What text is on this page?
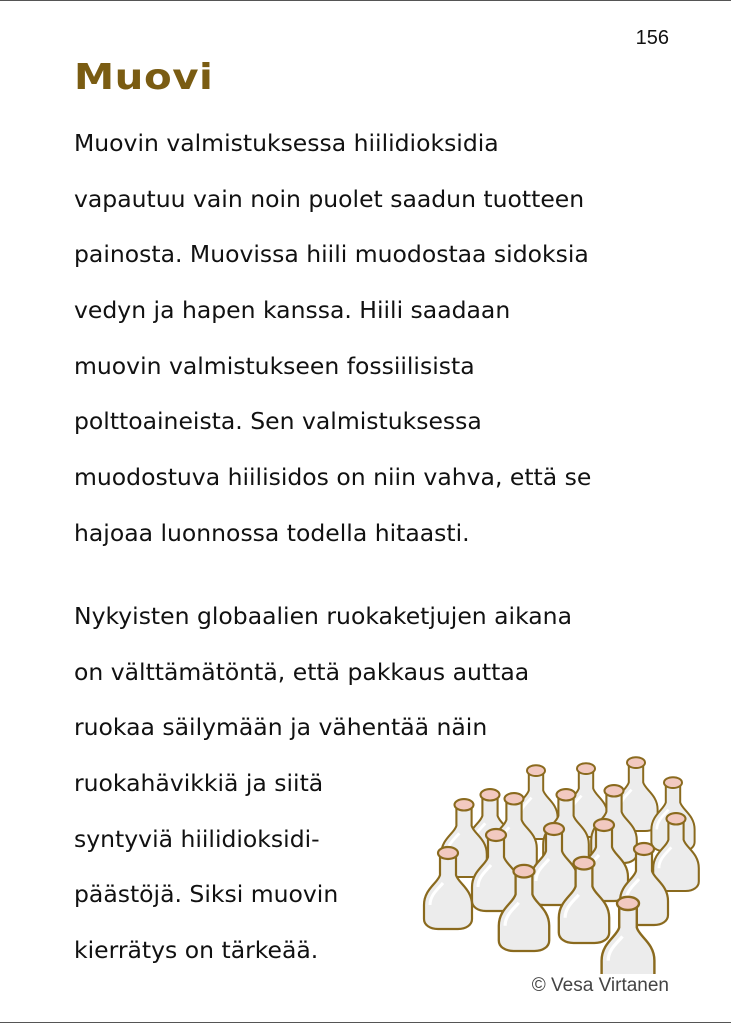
156
Muovi

Muovin valmistuksessa hiilidioksidia
vapautuu vain noin puolet saadun tuotteen
painosta. Muovissa hiili muodostaa sidoksia
vedyn ja hapen kanssa. Hiili saadaan
muovin valmistukseen fossiilisista
polttoaineista. Sen valmistuksessa
muodostuva hiilisidos on niin vahva, että se
hajoaa luonnossa todella hitaasti.

Nykyisten globaalien ruokaketjujen aikana
on välttämätöntä, että pakkaus auttaa
ruokaa säilymään ja vähentää näin
ruokahävikkiä ja siitä
syntyviä hiilidioksidi-
päästöjä. Siksi muovin
kierrätys on tärkeää.

© Vesa Virtanen
